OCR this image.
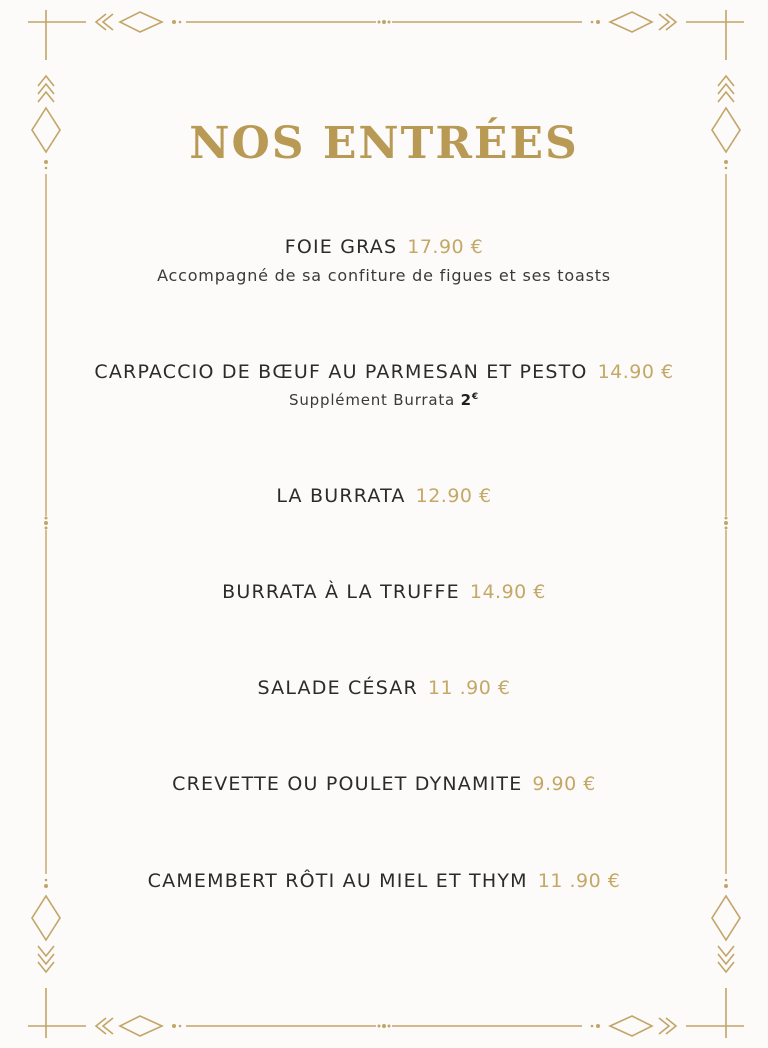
NOS ENTRÉES
FOIE GRAS 17.90 €
Accompagné de sa confiture de figues et ses toasts
CARPACCIO DE BŒUF AU PARMESAN ET PESTO 14.90 €
Supplément Burrata 2€
LA BURRATA 12.90 €
BURRATA À LA TRUFFE 14.90 €
SALADE CÉSAR 11 .90 €
CREVETTE OU POULET DYNAMITE 9.90 €
CAMEMBERT RÔTI AU MIEL ET THYM 11 .90 €
